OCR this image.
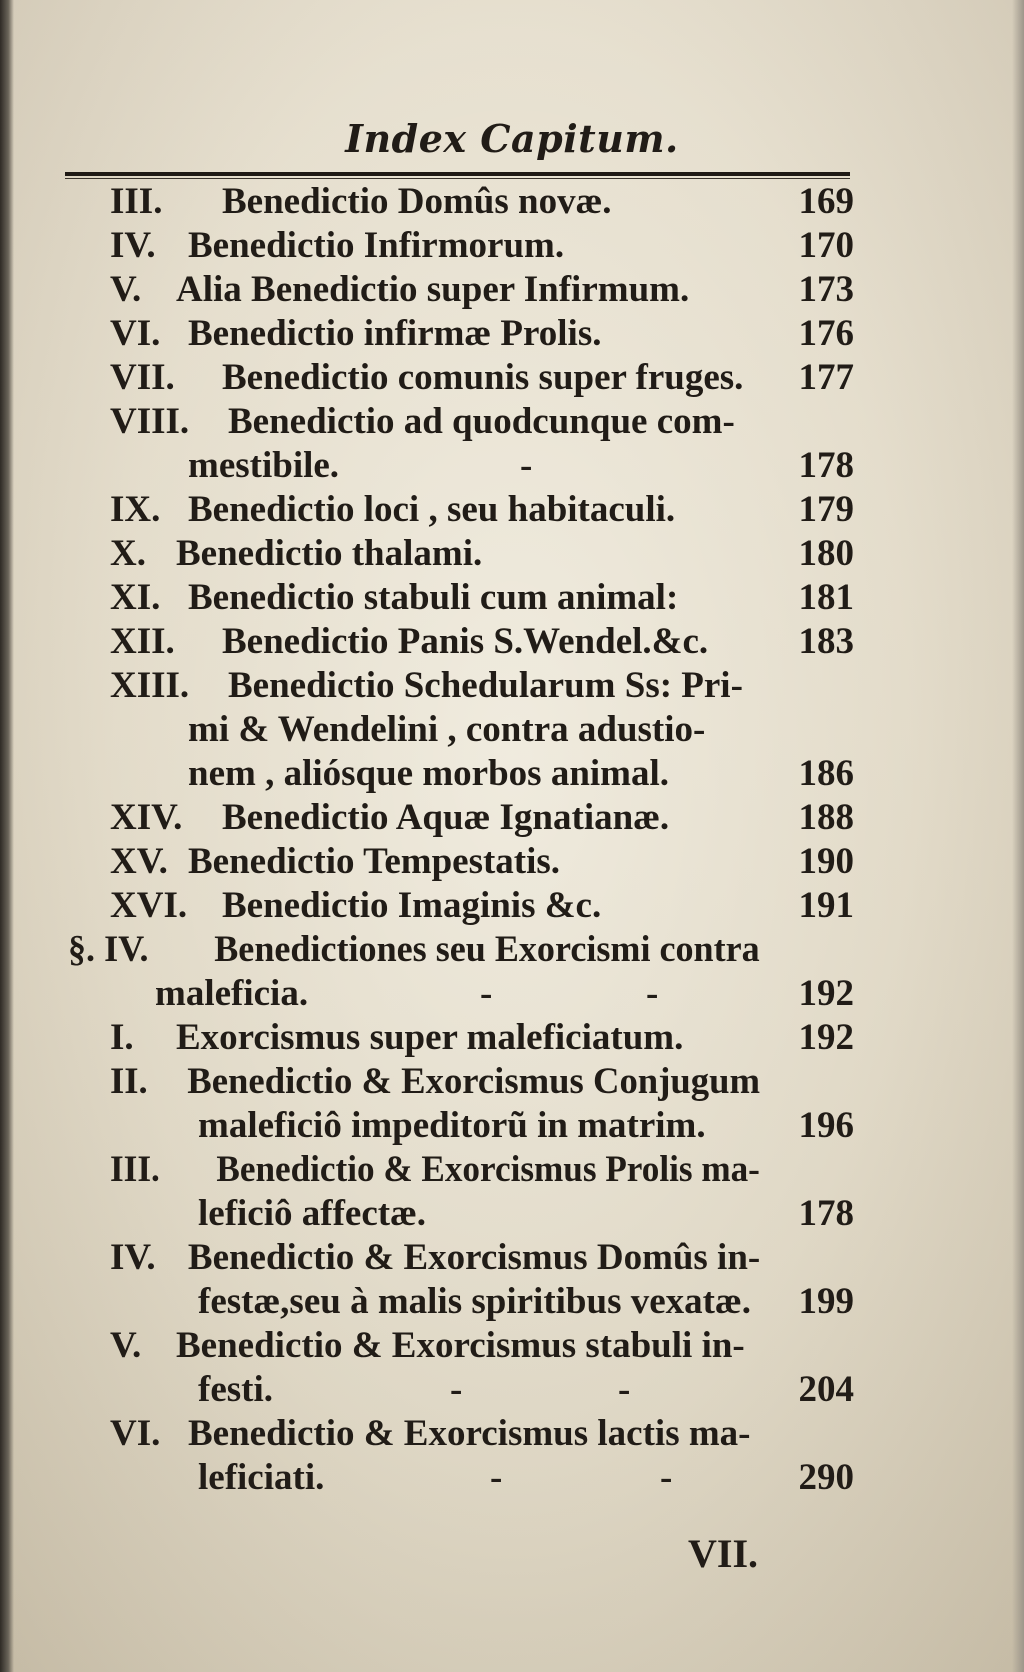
Index Capitum.
III. Benedictio Domûs novæ.	169
IV. Benedictio Infirmorum.	170
V. Alia Benedictio super Infirmum.	173
VI. Benedictio infirmæ Prolis.	176
VII. Benedictio comunis super fruges.	177
VIII. Benedictio ad quodcunque com-
mestibile.	178
-
IX. Benedictio loci , seu habitaculi.	179
X. Benedictio thalami.	180
XI. Benedictio stabuli cum animal:	181
XII. Benedictio Panis S.Wendel.&c.	183
XIII. Benedictio Schedularum Ss: Pri-
mi & Wendelini , contra adustio-
nem , aliósque morbos animal.	186
XIV. Benedictio Aquæ Ignatianæ.	188
XV. Benedictio Tempestatis.	190
XVI. Benedictio Imaginis &c.	191
§. IV. Benedictiones seu Exorcismi contra
maleficia.	192
-	-
I. Exorcismus super maleficiatum.	192
II. Benedictio & Exorcismus Conjugum
maleficiô impeditorũ in matrim.	196
III. Benedictio & Exorcismus Prolis ma-
leficiô affectæ.	178
IV. Benedictio & Exorcismus Domûs in-
festæ,seu à malis spiritibus vexatæ.	199
V. Benedictio & Exorcismus stabuli in-
festi.	204
-	-
VI. Benedictio & Exorcismus lactis ma-
leficiati.	290
-	-
VII.
